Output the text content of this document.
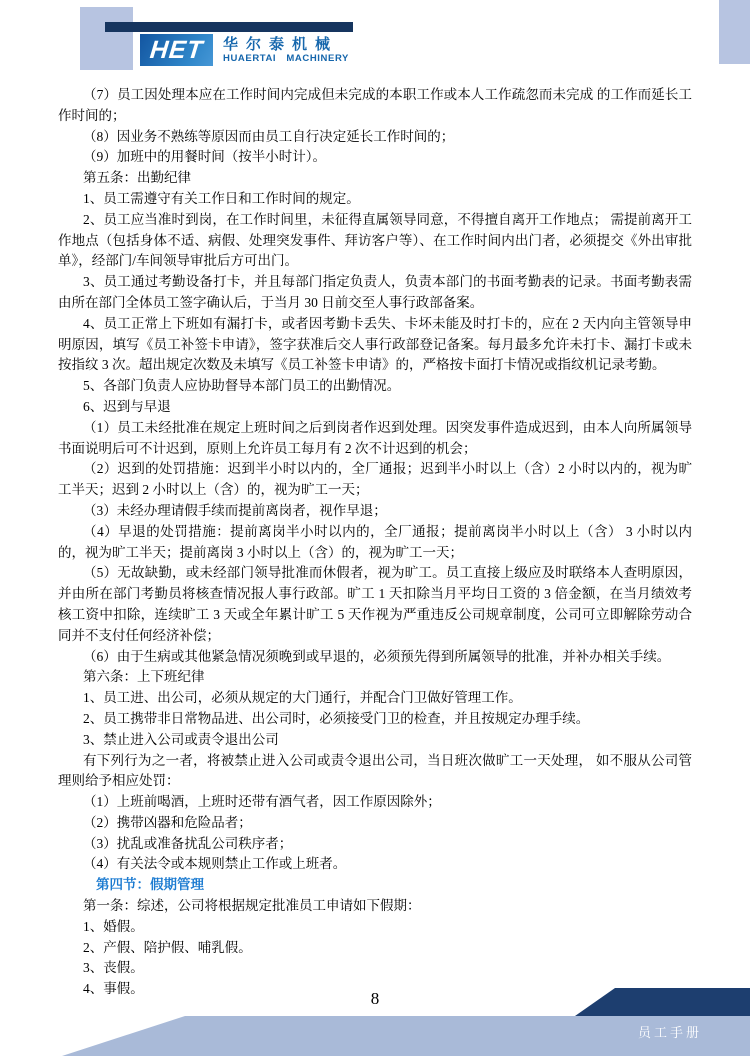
HET 华尔泰机械
HUAERTAI MACHINERY
（7）员工因处理本应在工作时间内完成但未完成的本职工作或本人工作疏忽而未完成 的工作而延长工作时间的；
（8）因业务不熟练等原因而由员工自行决定延长工作时间的；
（9）加班中的用餐时间（按半小时计）。
第五条：出勤纪律
1、员工需遵守有关工作日和工作时间的规定。
2、员工应当准时到岗，在工作时间里，未征得直属领导同意，不得擅自离开工作地点； 需提前离开工作地点（包括身体不适、病假、处理突发事件、拜访客户等）、在工作时间内出门者，必须提交《外出审批单》，经部门/车间领导审批后方可出门。
3、员工通过考勤设备打卡，并且每部门指定负责人，负责本部门的书面考勤表的记录。书面考勤表需由所在部门全体员工签字确认后，于当月 30 日前交至人事行政部备案。
4、员工正常上下班如有漏打卡，或者因考勤卡丢失、卡坏未能及时打卡的，应在 2 天内向主管领导申明原因，填写《员工补签卡申请》，签字获准后交人事行政部登记备案。每月最多允许未打卡、漏打卡或未按指纹 3 次。超出规定次数及未填写《员工补签卡申请》的，严格按卡面打卡情况或指纹机记录考勤。
5、各部门负责人应协助督导本部门员工的出勤情况。
6、迟到与早退
（1）员工未经批准在规定上班时间之后到岗者作迟到处理。因突发事件造成迟到，由本人向所属领导书面说明后可不计迟到，原则上允许员工每月有 2 次不计迟到的机会；
（2）迟到的处罚措施：迟到半小时以内的，全厂通报；迟到半小时以上（含）2 小时以内的，视为旷工半天；迟到 2 小时以上（含）的，视为旷工一天；
（3）未经办理请假手续而提前离岗者，视作早退；
（4）早退的处罚措施：提前离岗半小时以内的，全厂通报；提前离岗半小时以上（含） 3 小时以内的，视为旷工半天；提前离岗 3 小时以上（含）的，视为旷工一天；
（5）无故缺勤，或未经部门领导批准而休假者，视为旷工。员工直接上级应及时联络本人查明原因，并由所在部门考勤员将核查情况报人事行政部。旷工 1 天扣除当月平均日工资的 3 倍金额，在当月绩效考核工资中扣除，连续旷工 3 天或全年累计旷工 5 天作视为严重违反公司规章制度，公司可立即解除劳动合同并不支付任何经济补偿；
（6）由于生病或其他紧急情况须晚到或早退的，必须预先得到所属领导的批准，并补办相关手续。
第六条：上下班纪律
1、员工进、出公司，必须从规定的大门通行，并配合门卫做好管理工作。
2、员工携带非日常物品进、出公司时，必须接受门卫的检查，并且按规定办理手续。
3、禁止进入公司或责令退出公司
有下列行为之一者，将被禁止进入公司或责令退出公司，当日班次做旷工一天处理， 如不服从公司管理则给予相应处罚：
（1）上班前喝酒，上班时还带有酒气者，因工作原因除外；
（2）携带凶器和危险品者；
（3）扰乱或准备扰乱公司秩序者；
（4）有关法令或本规则禁止工作或上班者。
第四节：假期管理
第一条：综述，公司将根据规定批准员工申请如下假期：
1、婚假。
2、产假、陪护假、哺乳假。
3、丧假。
4、事假。
8
员工手册
